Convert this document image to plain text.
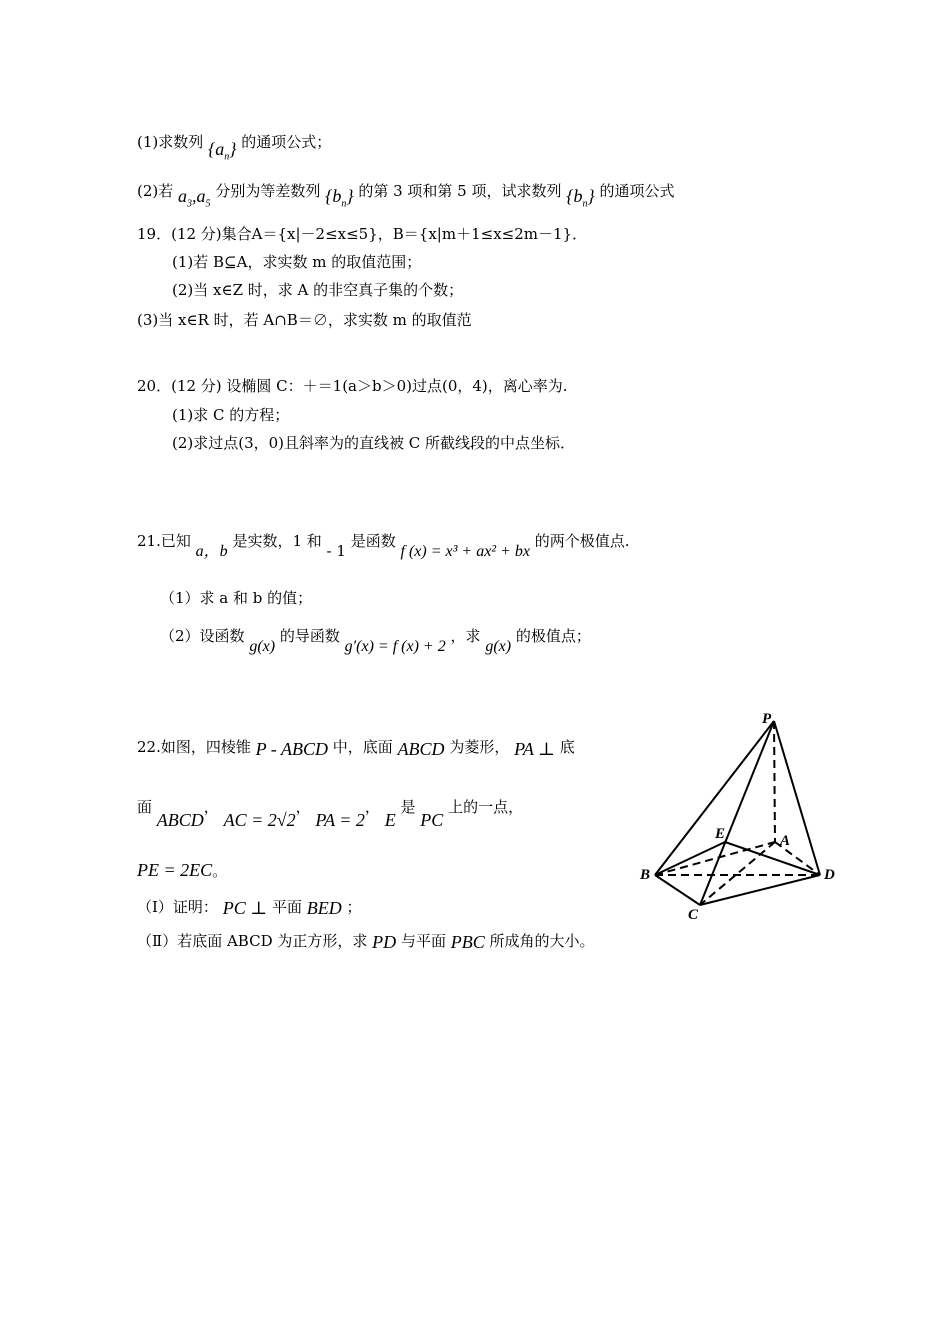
(1)求数列 $\{a_n\}$ 的通项公式；
(2)若 $a_3,a_5$ 分别为等差数列 $\{b_n\}$ 的第 3 项和第 5 项，试求数列 $\{b_n\}$ 的通项公式
19．(12 分)集合A＝{x|－2≤x≤5}，B＝{x|m＋1≤x≤2m－1}．
(1)若 B⊆A，求实数 m 的取值范围；
(2)当 x∈Z 时，求 A 的非空真子集的个数；
(3)当 x∈R 时，若 A∩B＝∅，求实数 m 的取值范
20．(12 分) 设椭圆 C：＋＝1(a＞b＞0)过点(0，4)，离心率为.
(1)求 C 的方程；
(2)求过点(3，0)且斜率为的直线被 C 所截线段的中点坐标．
21.已知 a，b 是实数，1 和 - 1 是函数 f (x) = x³ + ax² + bx 的两个极值点.
（1）求 a 和 b 的值；
（2）设函数 g(x) 的导函数 g′(x) = f (x) + 2 ，求 g(x) 的极值点；
22.如图，四棱锥 P - ABCD 中，底面 ABCD 为菱形， PA ⊥ 底
面 ABCD， AC = 2√2， PA = 2， E 是 PC 上的一点，
PE = 2EC。
（Ⅰ）证明： PC ⊥ 平面 BED ；
（Ⅱ）若底面 ABCD 为正方形，求 PD 与平面 PBC 所成角的大小。
P
E	A
B
C
D
